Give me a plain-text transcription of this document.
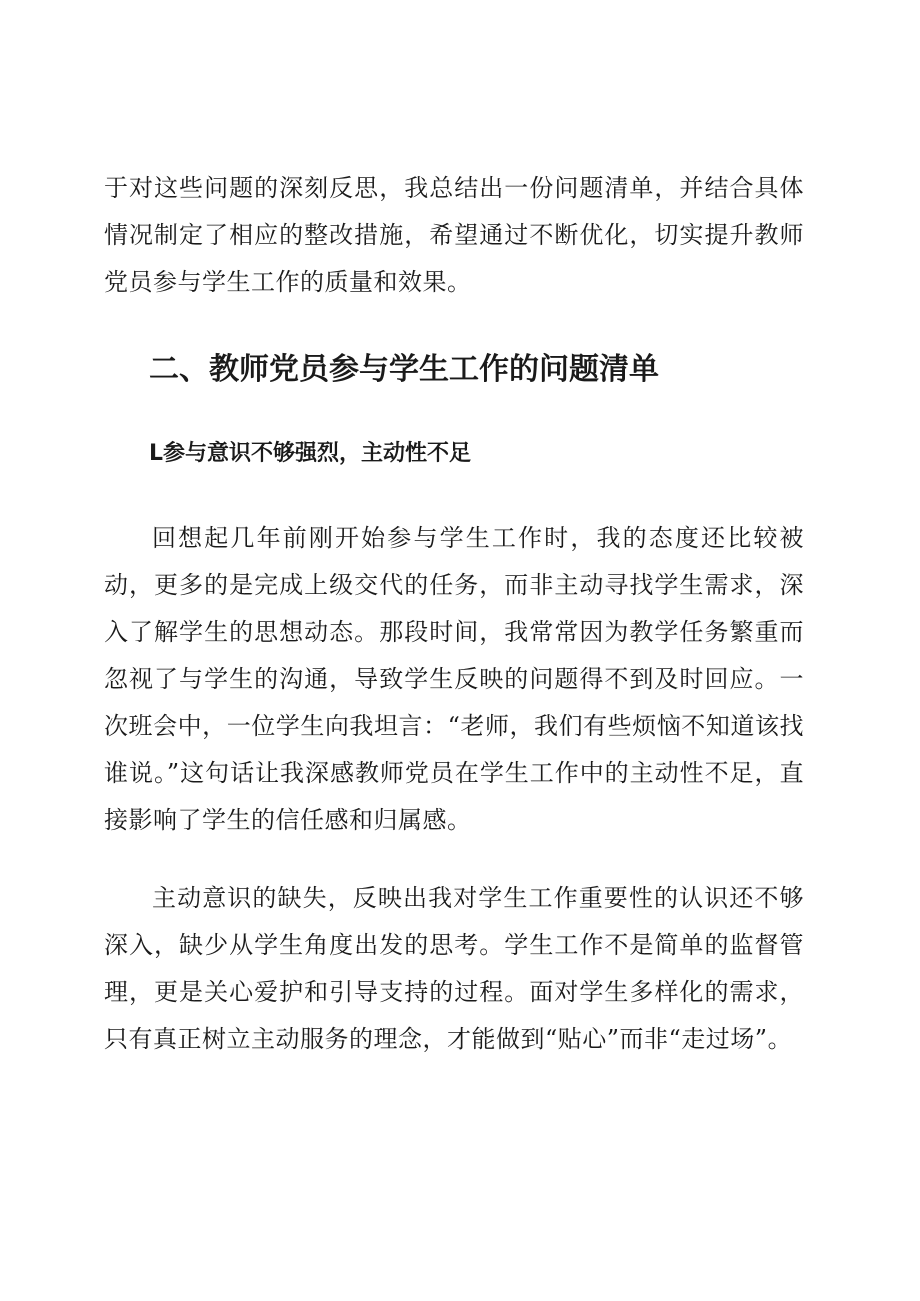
于对这些问题的深刻反思，我总结出一份问题清单，并结合具体情况制定了相应的整改措施，希望通过不断优化，切实提升教师党员参与学生工作的质量和效果。

二、教师党员参与学生工作的问题清单
L参与意识不够强烈，主动性不足

回想起几年前刚开始参与学生工作时，我的态度还比较被动，更多的是完成上级交代的任务，而非主动寻找学生需求，深入了解学生的思想动态。那段时间，我常常因为教学任务繁重而忽视了与学生的沟通，导致学生反映的问题得不到及时回应。一次班会中，一位学生向我坦言：“老师，我们有些烦恼不知道该找谁说。”这句话让我深感教师党员在学生工作中的主动性不足，直接影响了学生的信任感和归属感。

主动意识的缺失，反映出我对学生工作重要性的认识还不够深入，缺少从学生角度出发的思考。学生工作不是简单的监督管理，更是关心爱护和引导支持的过程。面对学生多样化的需求，只有真正树立主动服务的理念，才能做到“贴心”而非“走过场”。
